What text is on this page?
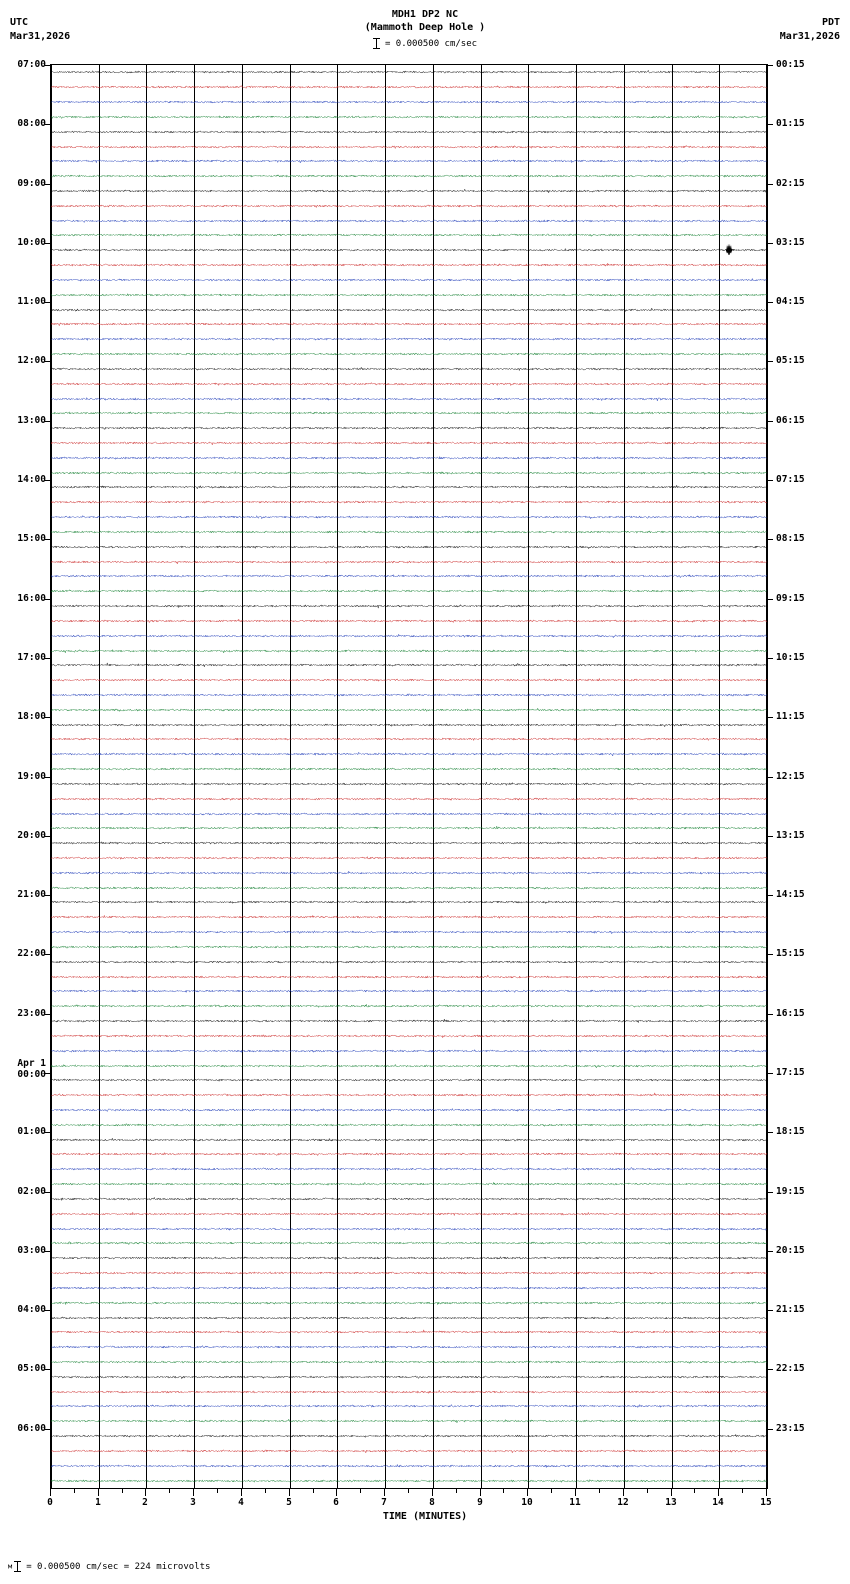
UTC
Mar31,2026
MDH1 DP2 NC
(Mammoth Deep Hole )	PDT
Mar31,2026
= 0.000500 cm/sec
07:00
08:00
09:00
10:00
11:00
12:00
13:00
14:00
15:00
16:00
17:00
18:00
19:00
20:00
21:00
22:00
23:00
Apr 1
00:00
01:00
02:00
03:00
04:00
05:00
06:00
00:15
01:15
02:15
03:15
04:15
05:15
06:15
07:15
08:15
09:15
10:15
11:15
12:15
13:15
14:15
15:15
16:15
17:15
18:15
19:15
20:15
21:15
22:15
23:15
0	1	2	3	4	5	6	7	8	9	10	11	12	13	14	15
TIME (MINUTES)
м = 0.000500 cm/sec = 224 microvolts
